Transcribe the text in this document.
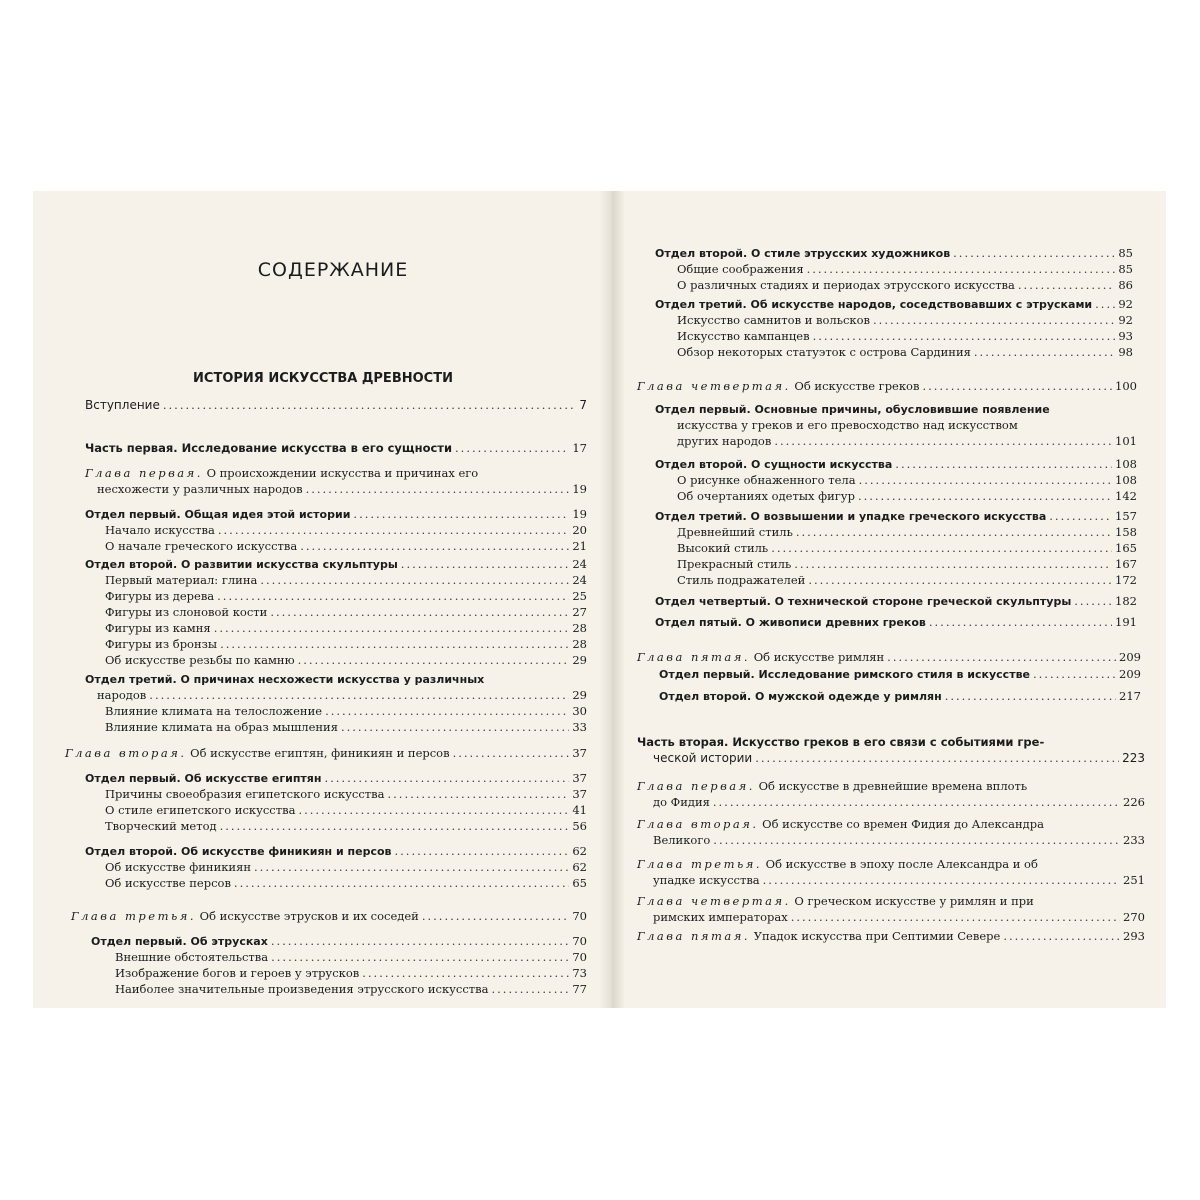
СОДЕРЖАНИЕ
ИСТОРИЯ ИСКУССТВА ДРЕВНОСТИ
Вступление .....	7
Часть первая. Исследование искусства в его сущности .....	17
Глава первая. О происхождении искусства и причинах его
несхожести у различных народов .....	19
Отдел первый. Общая идея этой истории .....	19
Начало искусства .....	20
О начале греческого искусства .....	21
Отдел второй. О развитии искусства скульптуры .....	24
Первый материал: глина .....	24
Фигуры из дерева .....	25
Фигуры из слоновой кости .....	27
Фигуры из камня .....	28
Фигуры из бронзы .....	28
Об искусстве резьбы по камню .....	29
Отдел третий. О причинах несхожести искусства у различных
народов .....	29
Влияние климата на телосложение .....	30
Влияние климата на образ мышления .....	33
Глава вторая. Об искусстве египтян, финикиян и персов .....	37
Отдел первый. Об искусстве египтян .....	37
Причины своеобразия египетского искусства .....	37
О стиле египетского искусства .....	41
Творческий метод .....	56
Отдел второй. Об искусстве финикиян и персов .....	62
Об искусстве финикиян .....	62
Об искусстве персов .....	65
Глава третья. Об искусстве этрусков и их соседей .....	70
Отдел первый. Об этрусках .....	70
Внешние обстоятельства .....	70
Изображение богов и героев у этрусков .....	73
Наиболее значительные произведения этрусского искусства .....	77
Отдел второй. О стиле этрусских художников .....	85
Общие соображения .....	85
О различных стадиях и периодах этрусского искусства .....	86
Отдел третий. Об искусстве народов, соседствовавших с этрусками ..... 92
Искусство самнитов и вольсков .....	92
Искусство кампанцев .....	93
Обзор некоторых статуэток с острова Сардиния .....	98
Глава четвертая. Об искусстве греков .....	100
Отдел первый. Основные причины, обусловившие появление
искусства у греков и его превосходство над искусством
других народов .....	101
Отдел второй. О сущности искусства .....	108
О рисунке обнаженного тела .....	108
Об очертаниях одетых фигур .....	142
Отдел третий. О возвышении и упадке греческого искусства .....	157
Древнейший стиль .....	158
Высокий стиль .....	165
Прекрасный стиль .....	167
Стиль подражателей .....	172
Отдел четвертый. О технической стороне греческой скульптуры .....	182
Отдел пятый. О живописи древних греков .....	191
Глава пятая. Об искусстве римлян .....	209
Отдел первый. Исследование римского стиля в искусстве .....	209
Отдел второй. О мужской одежде у римлян .....	217
Часть вторая. Искусство греков в его связи с событиями гре-
ческой истории .....	223
Глава первая. Об искусстве в древнейшие времена вплоть
до Фидия .....	226
Глава вторая. Об искусстве со времен Фидия до Александра
Великого .....	233
Глава третья. Об искусстве в эпоху после Александра и об
упадке искусства .....	251
Глава четвертая. О греческом искусстве у римлян и при
римских императорах .....	270
Глава пятая. Упадок искусства при Септимии Севере .....	293
